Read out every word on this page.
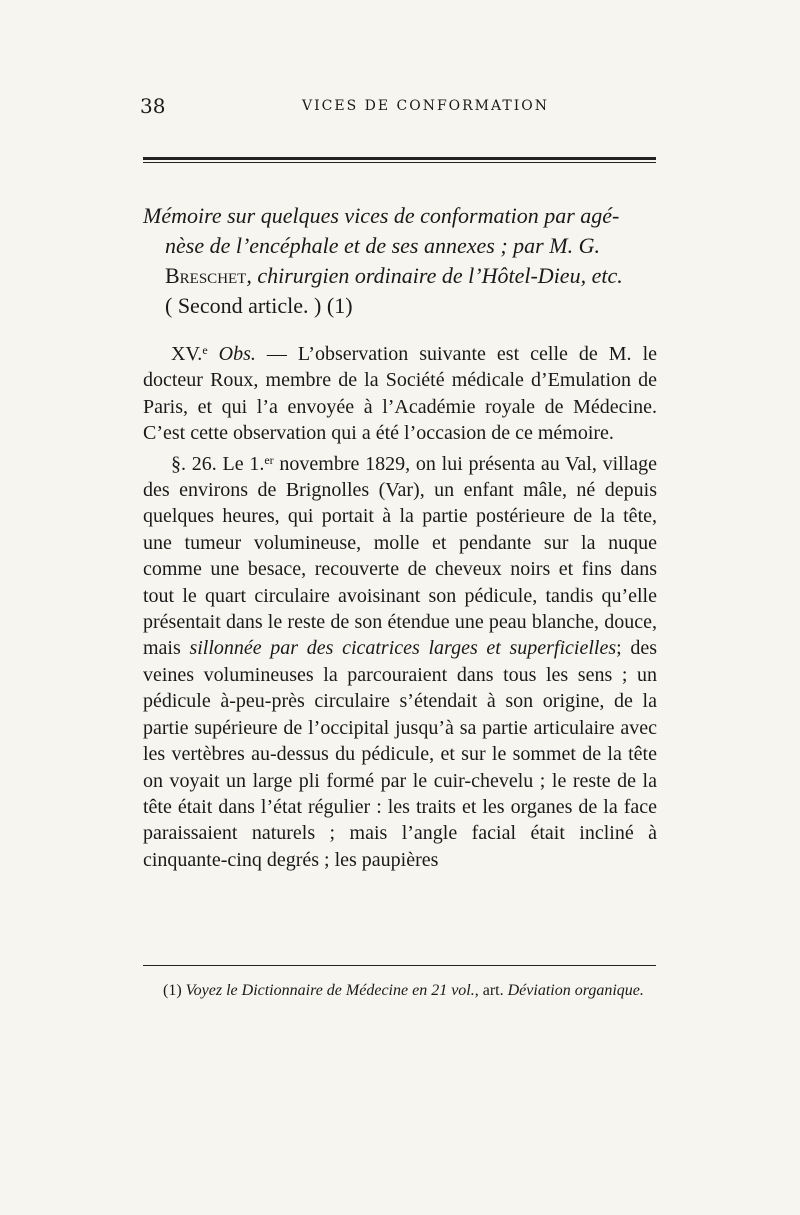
38	VICES DE CONFORMATION
Mémoire sur quelques vices de conformation par agé-
nèse de l’encéphale et de ses annexes ; par M. G.
Breschet, chirurgien ordinaire de l’Hôtel-Dieu, etc.
( Second article. ) (1)

XV.$^e$ Obs. — L’observation suivante est celle de M. le docteur Roux, membre de la Société médicale d’Emulation de Paris, et qui l’a envoyée à l’Académie royale de Médecine. C’est cette observation qui a été l’occasion de ce mémoire.

§. 26. Le 1.$^{er}$ novembre 1829, on lui présenta au Val, village des environs de Brignolles (Var), un enfant mâle, né depuis quelques heures, qui portait à la partie postérieure de la tête, une tumeur volumineuse, molle et pendante sur la nuque comme une besace, recouverte de cheveux noirs et fins dans tout le quart circulaire avoisinant son pédicule, tandis qu’elle présentait dans le reste de son étendue une peau blanche, douce, mais sillonnée par des cicatrices larges et superficielles; des veines volumineuses la parcouraient dans tous les sens ; un pédicule à-peu-près circulaire s’étendait à son origine, de la partie supérieure de l’occipital jusqu’à sa partie articulaire avec les vertèbres au-dessus du pédicule, et sur le sommet de la tête on voyait un large pli formé par le cuir-chevelu ; le reste de la tête était dans l’état régulier : les traits et les organes de la face paraissaient naturels ; mais l’angle facial était incliné à cinquante-cinq degrés ; les paupières

(1) Voyez le Dictionnaire de Médecine en 21 vol., art. Déviation organique.
